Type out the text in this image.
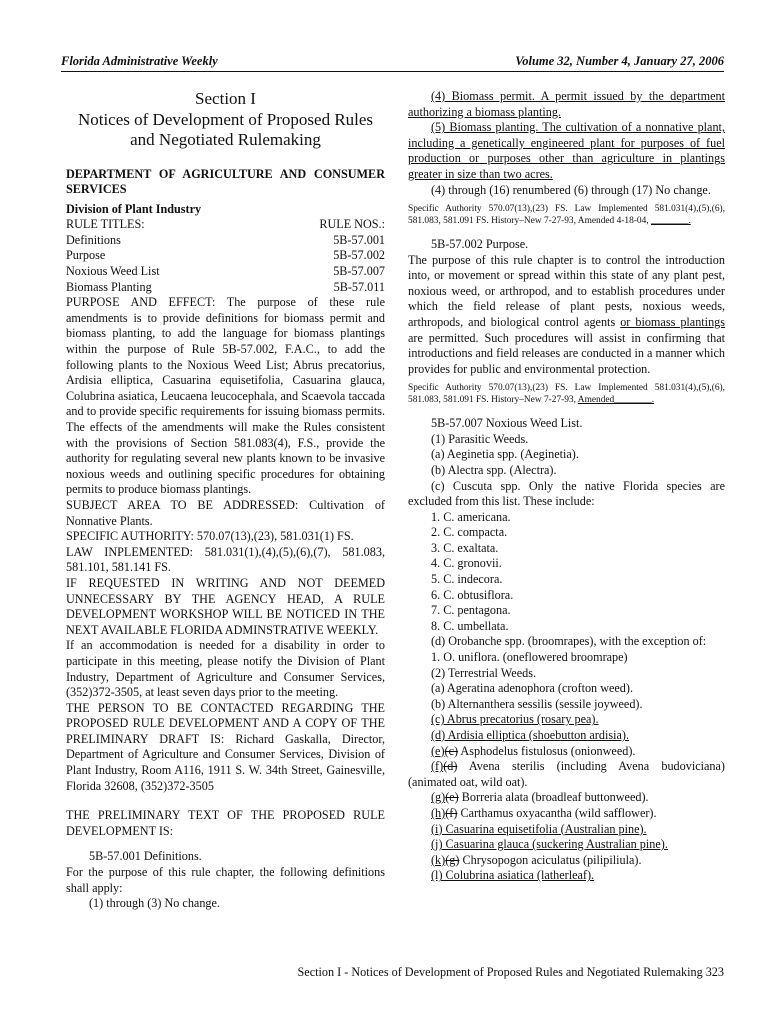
Florida Administrative Weekly	Volume 32, Number 4, January 27, 2006

Section I

Notices of Development of Proposed Rules

and Negotiated Rulemaking

DEPARTMENT OF AGRICULTURE AND CONSUMER SERVICES

Division of Plant Industry

RULE TITLES:	RULE NOS.:
Definitions	5B-57.001
Purpose	5B-57.002
Noxious Weed List	5B-57.007
Biomass Planting	5B-57.011

PURPOSE AND EFFECT: The purpose of these rule amendments is to provide definitions for biomass permit and biomass planting, to add the language for biomass plantings within the purpose of Rule 5B-57.002, F.A.C., to add the following plants to the Noxious Weed List; Abrus precatorius, Ardisia elliptica, Casuarina equisetifolia, Casuarina glauca, Colubrina asiatica, Leucaena leucocephala, and Scaevola taccada and to provide specific requirements for issuing biomass permits. The effects of the amendments will make the Rules consistent with the provisions of Section 581.083(4), F.S., provide the authority for regulating several new plants known to be invasive noxious weeds and outlining specific procedures for obtaining permits to produce biomass plantings.

SUBJECT AREA TO BE ADDRESSED: Cultivation of Nonnative Plants.

SPECIFIC AUTHORITY: 570.07(13),(23), 581.031(1) FS.

LAW INPLEMENTED: 581.031(1),(4),(5),(6),(7), 581.083, 581.101, 581.141 FS.

IF REQUESTED IN WRITING AND NOT DEEMED UNNECESSARY BY THE AGENCY HEAD, A RULE DEVELOPMENT WORKSHOP WILL BE NOTICED IN THE NEXT AVAILABLE FLORIDA ADMINSTRATIVE WEEKLY.

If an accommodation is needed for a disability in order to participate in this meeting, please notify the Division of Plant Industry, Department of Agriculture and Consumer Services, (352)372-3505, at least seven days prior to the meeting.

THE PERSON TO BE CONTACTED REGARDING THE PROPOSED RULE DEVELOPMENT AND A COPY OF THE PRELIMINARY DRAFT IS: Richard Gaskalla, Director, Department of Agriculture and Consumer Services, Division of Plant Industry, Room A116, 1911 S. W. 34th Street, Gainesville, Florida 32608, (352)372-3505

THE PRELIMINARY TEXT OF THE PROPOSED RULE DEVELOPMENT IS:

5B-57.001 Definitions.

For the purpose of this rule chapter, the following definitions shall apply:

(1) through (3) No change.

(4) Biomass permit. A permit issued by the department authorizing a biomass planting.

(5) Biomass planting. The cultivation of a nonnative plant, including a genetically engineered plant for purposes of fuel production or purposes other than agriculture in plantings greater in size than two acres.

(4) through (16) renumbered (6) through (17) No change.

Specific Authority 570.07(13),(23) FS. Law Implemented 581.031(4),(5),(6), 581.083, 581.091 FS. History–New 7-27-93, Amended 4-18-04, ________.

5B-57.002 Purpose.

The purpose of this rule chapter is to control the introduction into, or movement or spread within this state of any plant pest, noxious weed, or arthropod, and to establish procedures under which the field release of plant pests, noxious weeds, arthropods, and biological control agents or biomass plantings are permitted. Such procedures will assist in confirming that introductions and field releases are conducted in a manner which provides for public and environmental protection.

Specific Authority 570.07(13),(23) FS. Law Implemented 581.031(4),(5),(6), 581.083, 581.091 FS. History–New 7-27-93, Amended________.

5B-57.007 Noxious Weed List.

(1) Parasitic Weeds.

(a) Aeginetia spp. (Aeginetia).

(b) Alectra spp. (Alectra).

(c) Cuscuta spp. Only the native Florida species are excluded from this list. These include:

1. C. americana.

2. C. compacta.

3. C. exaltata.

4. C. gronovii.

5. C. indecora.

6. C. obtusiflora.

7. C. pentagona.

8. C. umbellata.

(d) Orobanche spp. (broomrapes), with the exception of:

1. O. uniflora. (oneflowered broomrape)

(2) Terrestrial Weeds.

(a) Ageratina adenophora (crofton weed).

(b) Alternanthera sessilis (sessile joyweed).

(c) Abrus precatorius (rosary pea).

(d) Ardisia elliptica (shoebutton ardisia).

(e)(c) Asphodelus fistulosus (onionweed).

(f)(d) Avena sterilis (including Avena budoviciana) (animated oat, wild oat).

(g)(e) Borreria alata (broadleaf buttonweed).

(h)(f) Carthamus oxyacantha (wild safflower).

(i) Casuarina equisetifolia (Australian pine).

(j) Casuarina glauca (suckering Australian pine).

(k)(g) Chrysopogon aciculatus (pilipiliula).

(l) Colubrina asiatica (latherleaf).

Section I - Notices of Development of Proposed Rules and Negotiated Rulemaking 323
